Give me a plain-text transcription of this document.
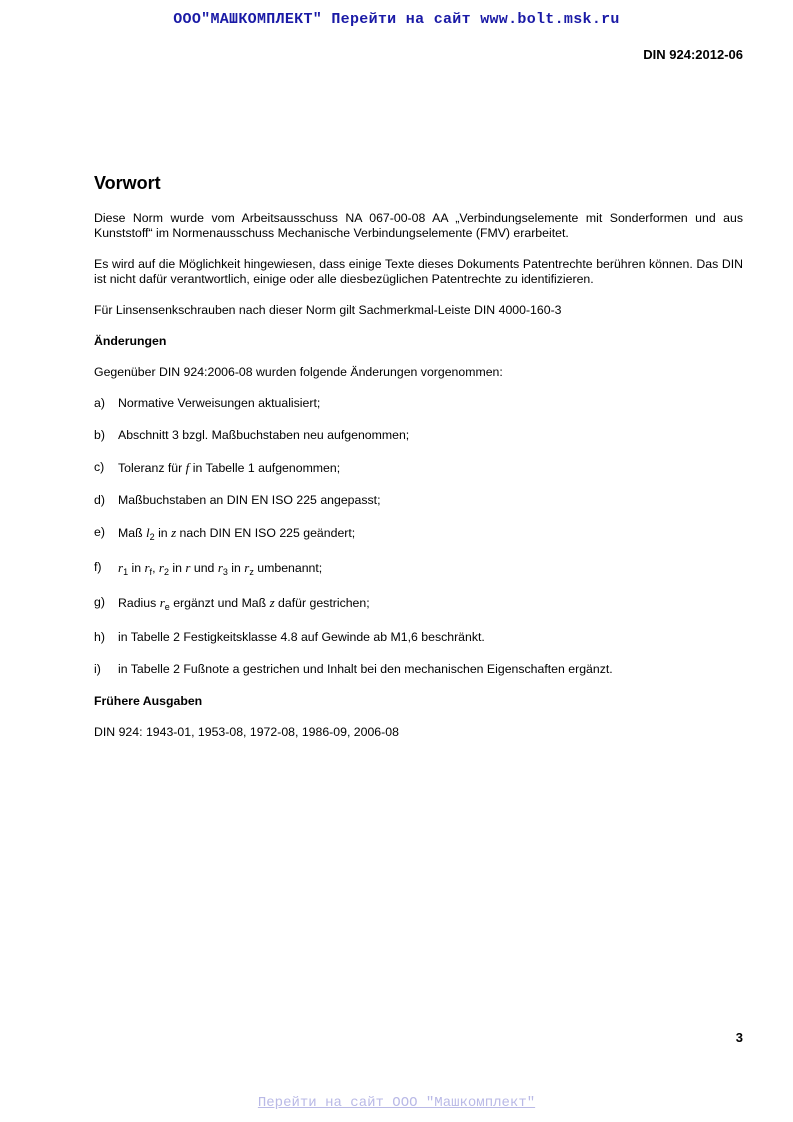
ООО"МАШКОМПЛЕКТ" Перейти на сайт www.bolt.msk.ru
DIN 924:2012-06
Vorwort

Diese Norm wurde vom Arbeitsausschuss NA 067-00-08 AA „Verbindungselemente mit Sonderformen und aus Kunststoff“ im Normenausschuss Mechanische Verbindungselemente (FMV) erarbeitet.

Es wird auf die Möglichkeit hingewiesen, dass einige Texte dieses Dokuments Patentrechte berühren können. Das DIN ist nicht dafür verantwortlich, einige oder alle diesbezüglichen Patentrechte zu identifizieren.

Für Linsensenkschrauben nach dieser Norm gilt Sachmerkmal-Leiste DIN 4000-160-3

Änderungen

Gegenüber DIN 924:2006-08 wurden folgende Änderungen vorgenommen:

a) Normative Verweisungen aktualisiert;
b) Abschnitt 3 bzgl. Maßbuchstaben neu aufgenommen;
c) Toleranz für f in Tabelle 1 aufgenommen;
d) Maßbuchstaben an DIN EN ISO 225 angepasst;
e) Maß $l_2$ in z nach DIN EN ISO 225 geändert;
f) $r_1$ in $r_f$, $r_2$ in r und $r_3$ in $r_z$ umbenannt;
g) Radius $r_e$ ergänzt und Maß z dafür gestrichen;
h) in Tabelle 2 Festigkeitsklasse 4.8 auf Gewinde ab M1,6 beschränkt.
i) in Tabelle 2 Fußnote a gestrichen und Inhalt bei den mechanischen Eigenschaften ergänzt.
Frühere Ausgaben

DIN 924: 1943-01, 1953-08, 1972-08, 1986-09, 2006-08

3
Перейти на сайт ООО "Машкомплект"
